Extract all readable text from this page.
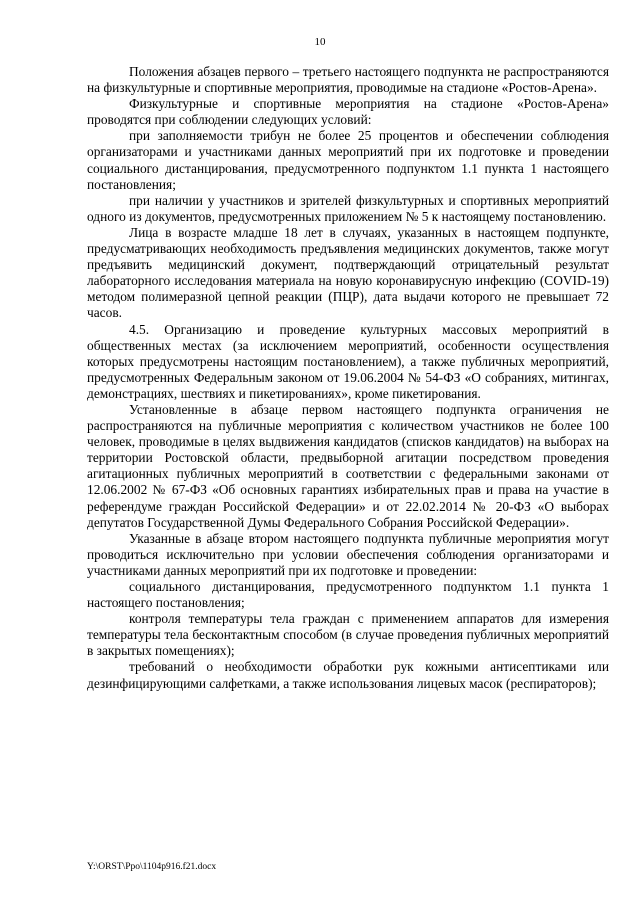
10

Положения абзацев первого – третьего настоящего подпункта не распространяются на физкультурные и спортивные мероприятия, проводимые на стадионе «Ростов-Арена».

Физкультурные и спортивные мероприятия на стадионе «Ростов-Арена» проводятся при соблюдении следующих условий:

при заполняемости трибун не более 25 процентов и обеспечении соблюдения организаторами и участниками данных мероприятий при их подготовке и проведении социального дистанцирования, предусмотренного подпунктом 1.1 пункта 1 настоящего постановления;

при наличии у участников и зрителей физкультурных и спортивных мероприятий одного из документов, предусмотренных приложением № 5 к настоящему постановлению.

Лица в возрасте младше 18 лет в случаях, указанных в настоящем подпункте, предусматривающих необходимость предъявления медицинских документов, также могут предъявить медицинский документ, подтверждающий отрицательный результат лабораторного исследования материала на новую коронавирусную инфекцию (COVID-19) методом полимеразной цепной реакции (ПЦР), дата выдачи которого не превышает 72 часов.

4.5. Организацию и проведение культурных массовых мероприятий в общественных местах (за исключением мероприятий, особенности осуществления которых предусмотрены настоящим постановлением), а также публичных мероприятий, предусмотренных Федеральным законом от 19.06.2004 № 54-ФЗ «О собраниях, митингах, демонстрациях, шествиях и пикетированиях», кроме пикетирования.

Установленные в абзаце первом настоящего подпункта ограничения не распространяются на публичные мероприятия с количеством участников не более 100 человек, проводимые в целях выдвижения кандидатов (списков кандидатов) на выборах на территории Ростовской области, предвыборной агитации посредством проведения агитационных публичных мероприятий в соответствии с федеральными законами от 12.06.2002 № 67-ФЗ «Об основных гарантиях избирательных прав и права на участие в референдуме граждан Российской Федерации» и от 22.02.2014 № 20-ФЗ «О выборах депутатов Государственной Думы Федерального Собрания Российской Федерации».

Указанные в абзаце втором настоящего подпункта публичные мероприятия могут проводиться исключительно при условии обеспечения соблюдения организаторами и участниками данных мероприятий при их подготовке и проведении:

социального дистанцирования, предусмотренного подпунктом 1.1 пункта 1 настоящего постановления;

контроля температуры тела граждан с применением аппаратов для измерения температуры тела бесконтактным способом (в случае проведения публичных мероприятий в закрытых помещениях);

требований о необходимости обработки рук кожными антисептиками или дезинфицирующими салфетками, а также использования лицевых масок (респираторов);

Y:\ORST\Ppo\1104p916.f21.docx
